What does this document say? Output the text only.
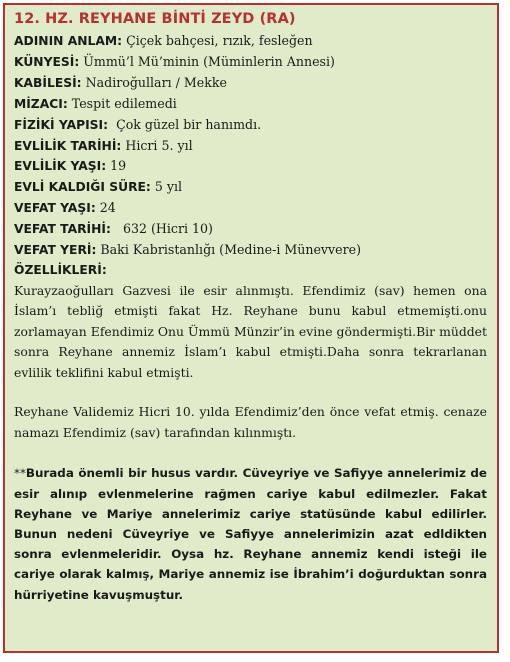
12. HZ. REYHANE BİNTİ ZEYD (RA)
ADININ ANLAM: Çiçek bahçesi, rızık, fesleğen
KÜNYESİ: Ümmü’l Mü’minin (Müminlerin Annesi)
KABİLESİ: Nadiroğulları / Mekke
MİZACI: Tespit edilemedi
FİZİKİ YAPISI:  Çok güzel bir hanımdı.
EVLİLİK TARİHİ: Hicri 5. yıl
EVLİLİK YAŞI: 19
EVLİ KALDIĞI SÜRE: 5 yıl
VEFAT YAŞI: 24
VEFAT TARİHİ:   632 (Hicri 10)
VEFAT YERİ: Baki Kabristanlığı (Medine-i Münevvere)
ÖZELLİKLERİ:

Kurayzaoğulları Gazvesi ile esir alınmıştı. Efendimiz (sav) hemen ona İslam’ı tebliğ etmişti fakat Hz. Reyhane bunu kabul etmemişti.onu zorlamayan Efendimiz Onu Ümmü Münzir’in evine göndermişti.Bir müddet sonra Reyhane annemiz İslam’ı kabul etmişti.Daha sonra tekrarlanan evlilik teklifini kabul etmişti.

Reyhane Validemiz Hicri 10. yılda Efendimiz’den önce vefat etmiş. cenaze namazı Efendimiz (sav) tarafından kılınmıştı.

**Burada önemli bir husus vardır. Cüveyriye ve Safiyye annelerimiz de esir alınıp evlenmelerine rağmen cariye kabul edilmezler. Fakat Reyhane ve Mariye annelerimiz cariye statüsünde kabul edilirler. Bunun nedeni Cüveyriye ve Safiyye annelerimizin azat edldikten sonra evlenmeleridir. Oysa hz. Reyhane annemiz kendi isteği ile cariye olarak kalmış, Mariye annemiz ise İbrahim’i doğurduktan sonra hürriyetine kavuşmuştur.
